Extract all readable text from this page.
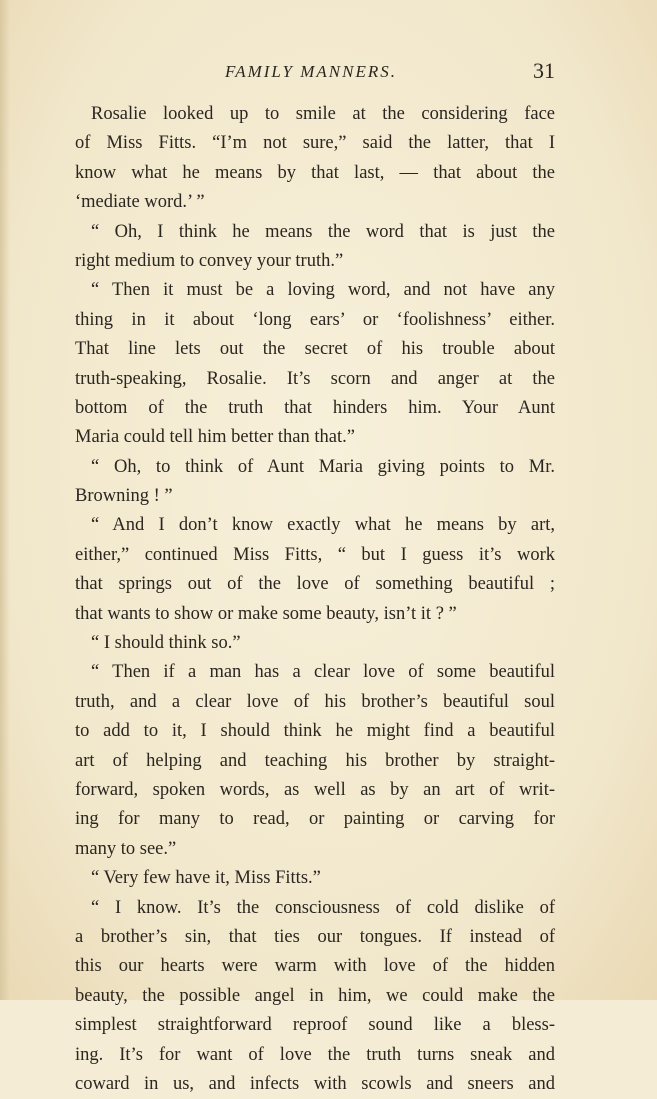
FAMILY MANNERS.	31
Rosalie looked up to smile at the considering face
of Miss Fitts. “I’m not sure,” said the latter, that I
know what he means by that last, — that about the
‘mediate word.’ ”
“ Oh, I think he means the word that is just the
right medium to convey your truth.”
“ Then it must be a loving word, and not have any
thing in it about ‘long ears’ or ‘foolishness’ either.
That line lets out the secret of his trouble about
truth-speaking, Rosalie. It’s scorn and anger at the
bottom of the truth that hinders him. Your Aunt
Maria could tell him better than that.”
“ Oh, to think of Aunt Maria giving points to Mr.
Browning ! ”
“ And I don’t know exactly what he means by art,
either,” continued Miss Fitts, “ but I guess it’s work
that springs out of the love of something beautiful ;
that wants to show or make some beauty, isn’t it ? ”
“ I should think so.”
“ Then if a man has a clear love of some beautiful
truth, and a clear love of his brother’s beautiful soul
to add to it, I should think he might find a beautiful
art of helping and teaching his brother by straight-
forward, spoken words, as well as by an art of writ-
ing for many to read, or painting or carving for
many to see.”
“ Very few have it, Miss Fitts.”
“ I know. It’s the consciousness of cold dislike of
a brother’s sin, that ties our tongues. If instead of
this our hearts were warm with love of the hidden
beauty, the possible angel in him, we could make the
simplest straightforward reproof sound like a bless-
ing. It’s for want of love the truth turns sneak and
coward in us, and infects with scowls and sneers and
